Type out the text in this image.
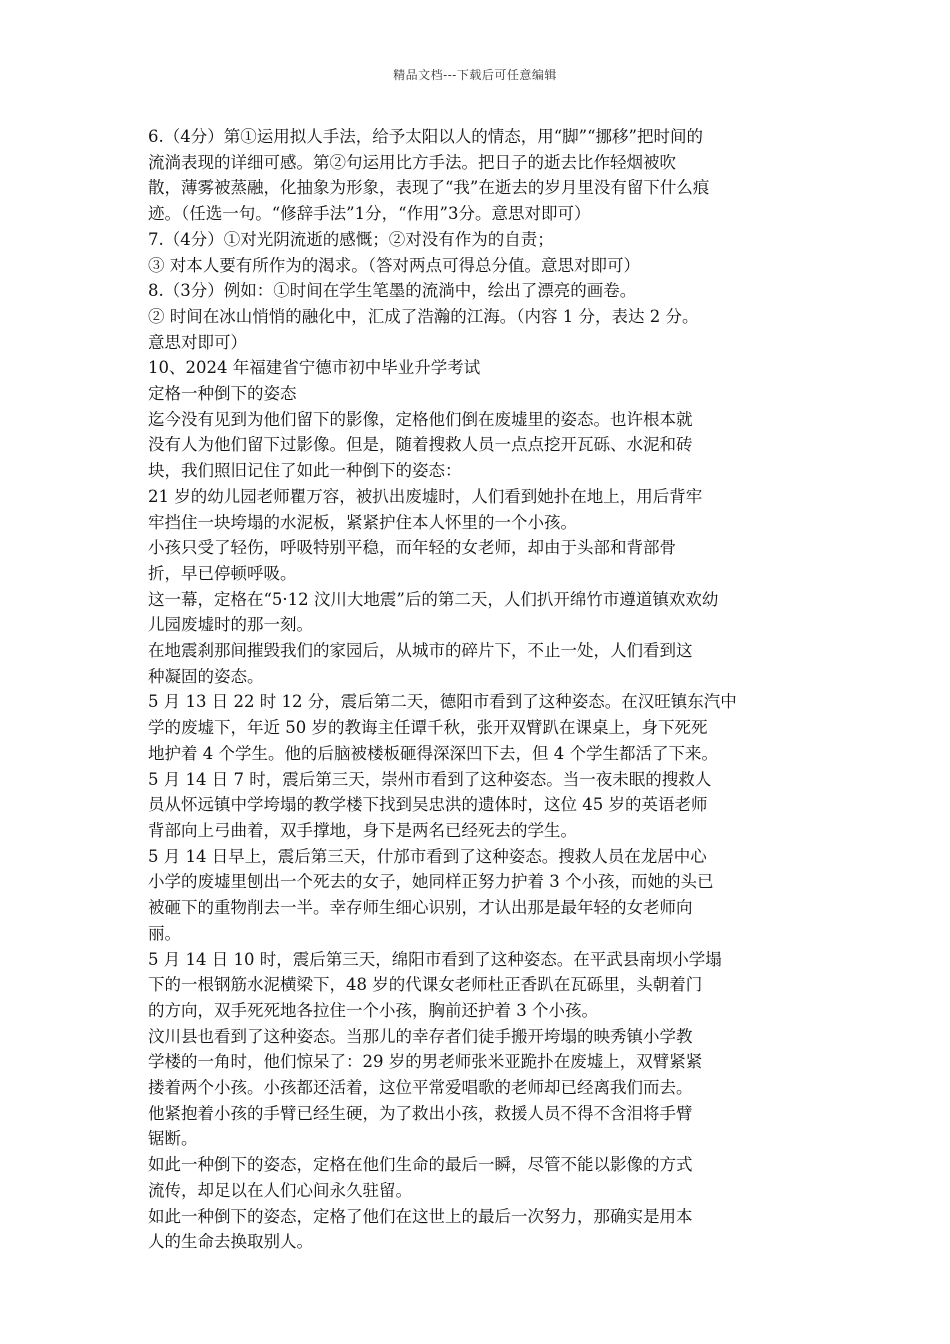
精品文档---下载后可任意编辑

6.（4分）第①运用拟人手法，给予太阳以人的情态，用“脚”“挪移”把时间的

流淌表现的详细可感。第②句运用比方手法。把日子的逝去比作轻烟被吹

散，薄雾被蒸融，化抽象为形象，表现了“我”在逝去的岁月里没有留下什么痕

迹。（任选一句。“修辞手法”1分，“作用”3分。意思对即可）

7.（4分）①对光阴流逝的感慨；②对没有作为的自责；

③ 对本人要有所作为的渴求。（答对两点可得总分值。意思对即可）

8.（3分）例如：①时间在学生笔墨的流淌中，绘出了漂亮的画卷。

② 时间在冰山悄悄的融化中，汇成了浩瀚的江海。（内容 1 分，表达 2 分。

意思对即可）

10、2024 年福建省宁德市初中毕业升学考试

定格一种倒下的姿态

迄今没有见到为他们留下的影像，定格他们倒在废墟里的姿态。也许根本就

没有人为他们留下过影像。但是，随着搜救人员一点点挖开瓦砾、水泥和砖

块，我们照旧记住了如此一种倒下的姿态：

21 岁的幼儿园老师瞿万容，被扒出废墟时，人们看到她扑在地上，用后背牢

牢挡住一块垮塌的水泥板，紧紧护住本人怀里的一个小孩。

小孩只受了轻伤，呼吸特别平稳，而年轻的女老师，却由于头部和背部骨

折，早已停顿呼吸。

这一幕，定格在“5·12 汶川大地震”后的第二天，人们扒开绵竹市遵道镇欢欢幼

儿园废墟时的那一刻。

在地震刹那间摧毁我们的家园后，从城市的碎片下，不止一处，人们看到这

种凝固的姿态。

5 月 13 日 22 时 12 分，震后第二天，德阳市看到了这种姿态。在汉旺镇东汽中

学的废墟下，年近 50 岁的教诲主任谭千秋，张开双臂趴在课桌上，身下死死

地护着 4 个学生。他的后脑被楼板砸得深深凹下去，但 4 个学生都活了下来。

5 月 14 日 7 时，震后第三天，崇州市看到了这种姿态。当一夜未眠的搜救人

员从怀远镇中学垮塌的教学楼下找到吴忠洪的遗体时，这位 45 岁的英语老师

背部向上弓曲着，双手撑地，身下是两名已经死去的学生。

5 月 14 日早上，震后第三天，什邡市看到了这种姿态。搜救人员在龙居中心

小学的废墟里刨出一个死去的女子，她同样正努力护着 3 个小孩，而她的头已

被砸下的重物削去一半。幸存师生细心识别，才认出那是最年轻的女老师向

丽。

5 月 14 日 10 时，震后第三天，绵阳市看到了这种姿态。在平武县南坝小学塌

下的一根钢筋水泥横梁下，48 岁的代课女老师杜正香趴在瓦砾里，头朝着门

的方向，双手死死地各拉住一个小孩，胸前还护着 3 个小孩。

汶川县也看到了这种姿态。当那儿的幸存者们徒手搬开垮塌的映秀镇小学教

学楼的一角时，他们惊呆了：29 岁的男老师张米亚跪扑在废墟上，双臂紧紧

搂着两个小孩。小孩都还活着，这位平常爱唱歌的老师却已经离我们而去。

他紧抱着小孩的手臂已经生硬，为了救出小孩，救援人员不得不含泪将手臂

锯断。

如此一种倒下的姿态，定格在他们生命的最后一瞬，尽管不能以影像的方式

流传，却足以在人们心间永久驻留。

如此一种倒下的姿态，定格了他们在这世上的最后一次努力，那确实是用本

人的生命去换取别人。
